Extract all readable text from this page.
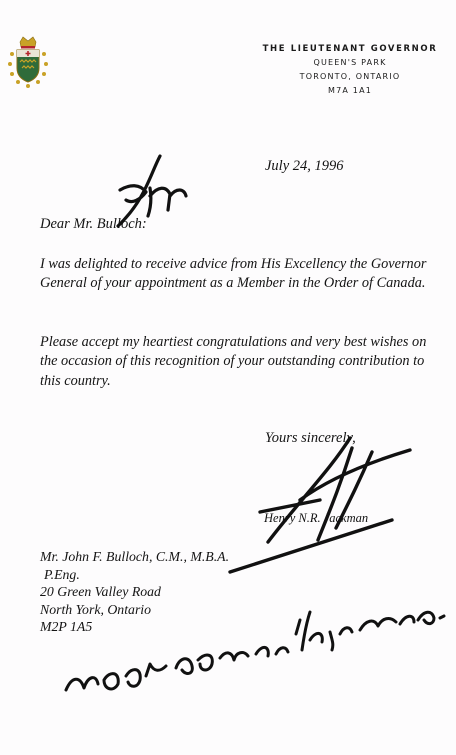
THE LIEUTENANT GOVERNOR
QUEEN'S PARK
TORONTO, ONTARIO
M7A 1A1
July 24, 1996
Dear Mr. Bulloch:

I was delighted to receive advice from His Excellency the Governor General of your appointment as a Member in the Order of Canada.

Please accept my heartiest congratulations and very best wishes on the occasion of this recognition of your outstanding contribution to this country.

Yours sincerely,
Henry N.R. Jackman
Mr. John F. Bulloch, C.M., M.B.A.
P.Eng.
20 Green Valley Road
North York, Ontario
M2P 1A5
